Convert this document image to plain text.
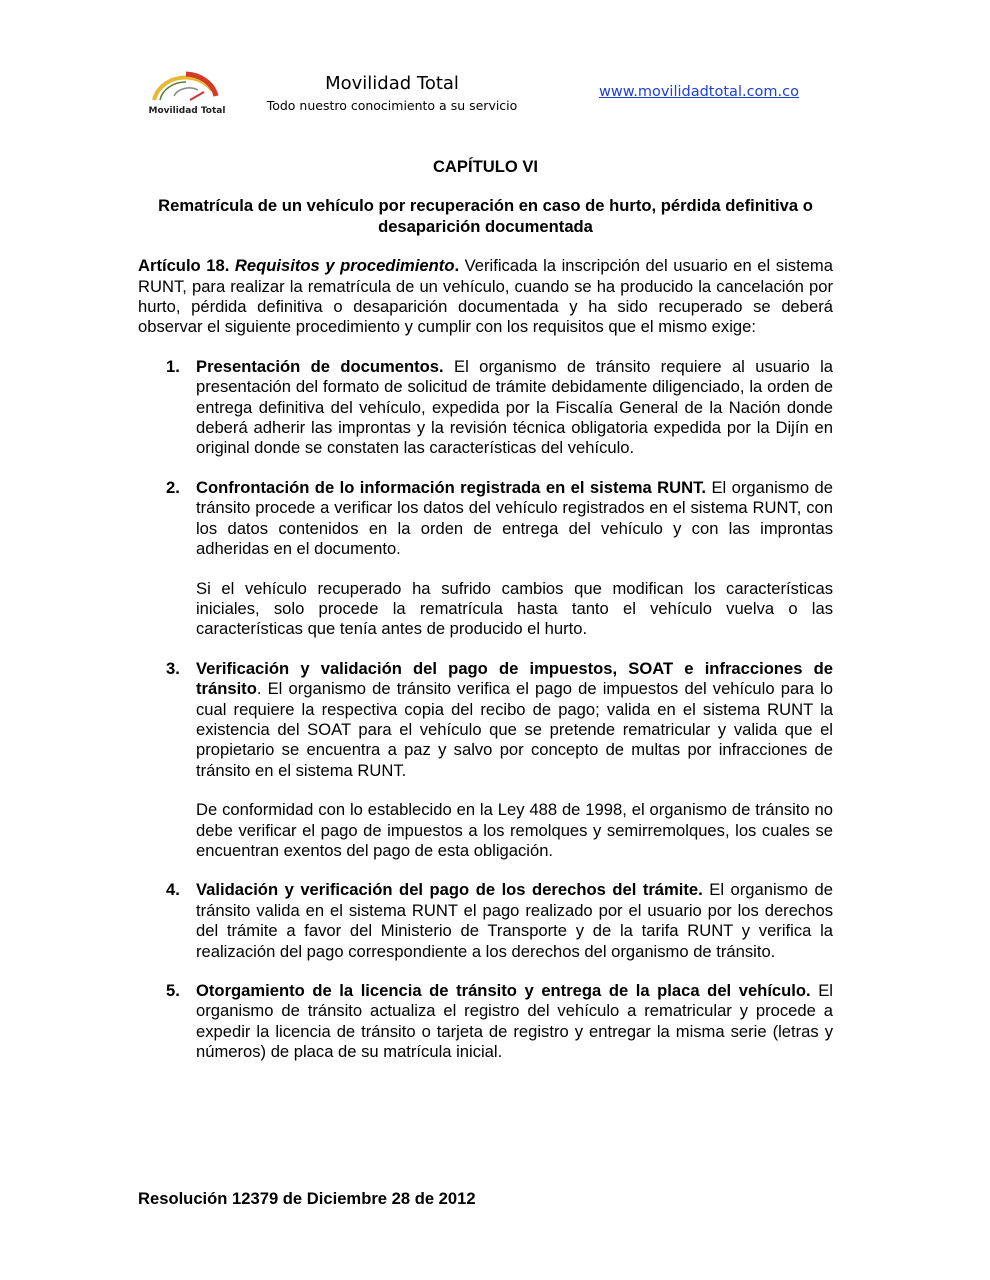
Movilidad Total
Movilidad Total
Todo nuestro conocimiento a su servicio
www.movilidadtotal.com.co
CAPÍTULO VI
Rematrícula de un vehículo por recuperación en caso de hurto, pérdida definitiva o desaparición documentada

Artículo 18. Requisitos y procedimiento. Verificada la inscripción del usuario en el sistema RUNT, para realizar la rematrícula de un vehículo, cuando se ha producido la cancelación por hurto, pérdida definitiva o desaparición documentada y ha sido recuperado se deberá observar el siguiente procedimiento y cumplir con los requisitos que el mismo exige:

1. Presentación de documentos. El organismo de tránsito requiere al usuario la presentación del formato de solicitud de trámite debidamente diligenciado, la orden de entrega definitiva del vehículo, expedida por la Fiscalía General de la Nación donde deberá adherir las improntas y la revisión técnica obligatoria expedida por la Dijín en original donde se constaten las características del vehículo.

2. Confrontación de lo información registrada en el sistema RUNT. El organismo de tránsito procede a verificar los datos del vehículo registrados en el sistema RUNT, con los datos contenidos en la orden de entrega del vehículo y con las improntas adheridas en el documento.

Si el vehículo recuperado ha sufrido cambios que modifican los características iniciales, solo procede la rematrícula hasta tanto el vehículo vuelva o las características que tenía antes de producido el hurto.

3. Verificación y validación del pago de impuestos, SOAT e infracciones de tránsito. El organismo de tránsito verifica el pago de impuestos del vehículo para lo cual requiere la respectiva copia del recibo de pago; valida en el sistema RUNT la existencia del SOAT para el vehículo que se pretende rematricular y valida que el propietario se encuentra a paz y salvo por concepto de multas por infracciones de tránsito en el sistema RUNT.

De conformidad con lo establecido en la Ley 488 de 1998, el organismo de tránsito no debe verificar el pago de impuestos a los remolques y semirremolques, los cuales se encuentran exentos del pago de esta obligación.

4. Validación y verificación del pago de los derechos del trámite. El organismo de tránsito valida en el sistema RUNT el pago realizado por el usuario por los derechos del trámite a favor del Ministerio de Transporte y de la tarifa RUNT y verifica la realización del pago correspondiente a los derechos del organismo de tránsito.

5. Otorgamiento de la licencia de tránsito y entrega de la placa del vehículo. El organismo de tránsito actualiza el registro del vehículo a rematricular y procede a expedir la licencia de tránsito o tarjeta de registro y entregar la misma serie (letras y números) de placa de su matrícula inicial.

Resolución 12379 de Diciembre 28 de 2012
